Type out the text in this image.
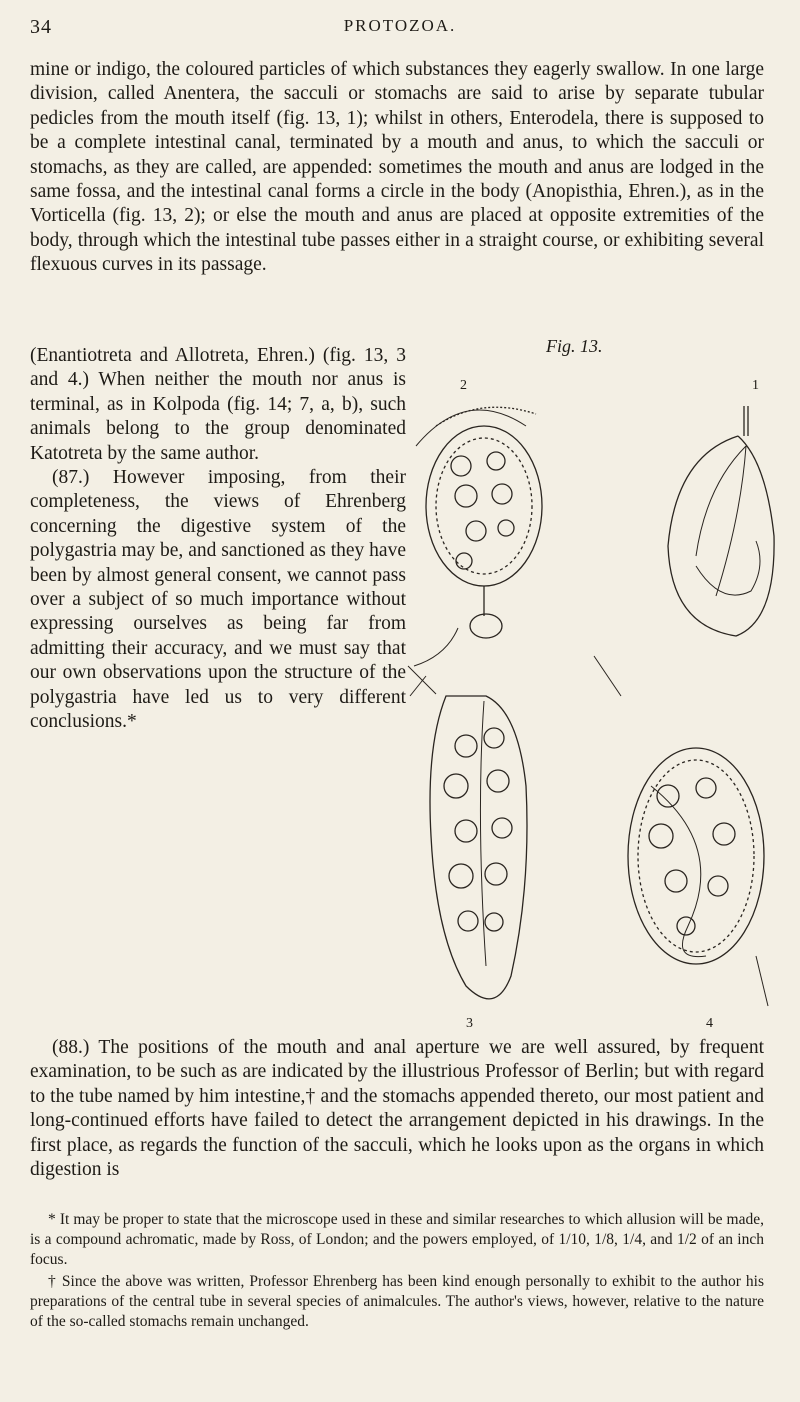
34	PROTOZOA.

mine or indigo, the coloured particles of which substances they eagerly swallow. In one large division, called Anentera, the sacculi or stomachs are said to arise by separate tubular pedicles from the mouth itself (fig. 13, 1); whilst in others, Enterodela, there is supposed to be a complete intestinal canal, terminated by a mouth and anus, to which the sacculi or stomachs, as they are called, are appended: sometimes the mouth and anus are lodged in the same fossa, and the intestinal canal forms a circle in the body (Anopisthia, Ehren.), as in the Vorticella (fig. 13, 2); or else the mouth and anus are placed at opposite extremities of the body, through which the intestinal tube passes either in a straight course, or exhibiting several flexuous curves in its passage.

(Enantiotreta and Allotreta, Ehren.) (fig. 13, 3 and 4.) When neither the mouth nor anus is terminal, as in Kolpoda (fig. 14; 7, a, b), such animals belong to the group denominated Katotreta by the same author.

(87.) However imposing, from their completeness, the views of Ehrenberg concerning the digestive system of the polygastria may be, and sanctioned as they have been by almost general consent, we cannot pass over a subject of so much importance without expressing ourselves as being far from admitting their accuracy, and we must say that our own observations upon the structure of the polygastria have led us to very different conclusions.*

Fig. 13.
2	1
3	4

(88.) The positions of the mouth and anal aperture we are well assured, by frequent examination, to be such as are indicated by the illustrious Professor of Berlin; but with regard to the tube named by him intestine,† and the stomachs appended thereto, our most patient and long-continued efforts have failed to detect the arrangement depicted in his drawings. In the first place, as regards the function of the sacculi, which he looks upon as the organs in which digestion is

* It may be proper to state that the microscope used in these and similar researches to which allusion will be made, is a compound achromatic, made by Ross, of London; and the powers employed, of 1/10, 1/8, 1/4, and 1/2 of an inch focus.

† Since the above was written, Professor Ehrenberg has been kind enough personally to exhibit to the author his preparations of the central tube in several species of animalcules. The author's views, however, relative to the nature of the so-called stomachs remain unchanged.
